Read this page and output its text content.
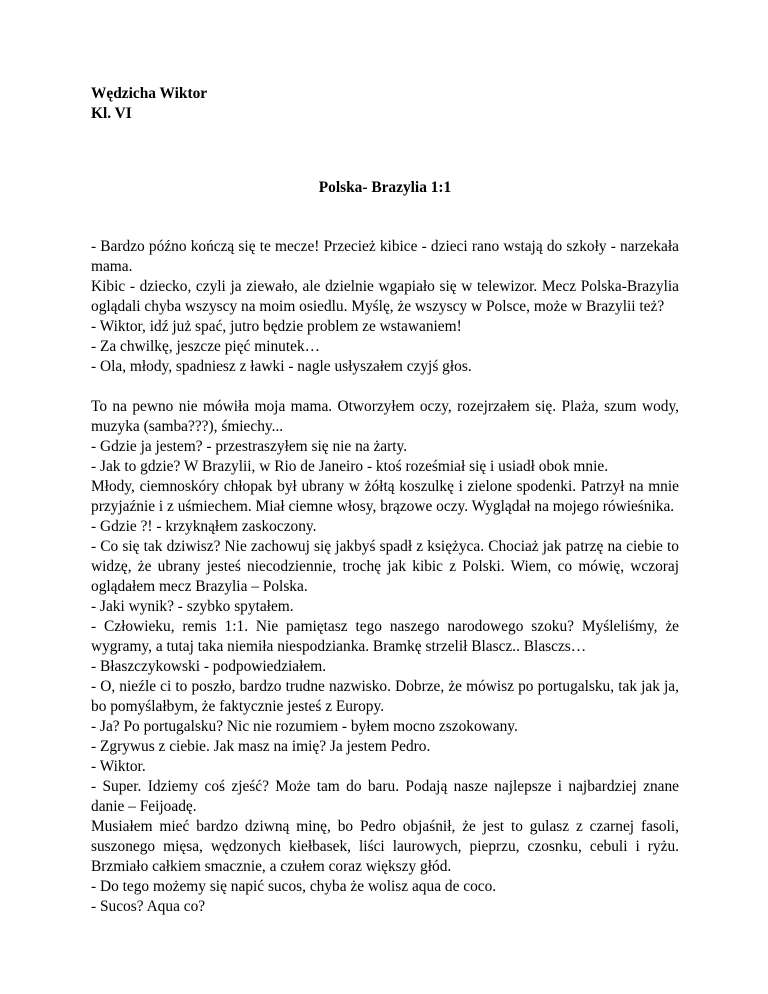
Wędzicha Wiktor

Kl. VI

Polska- Brazylia 1:1

- Bardzo późno kończą się te mecze! Przecież kibice - dzieci rano wstają do szkoły - narzekała mama.

Kibic - dziecko, czyli ja ziewało, ale dzielnie wgapiało się w telewizor. Mecz Polska-Brazylia oglądali chyba wszyscy na moim osiedlu. Myślę, że wszyscy w Polsce, może w Brazylii też?

- Wiktor, idź już spać, jutro będzie problem ze wstawaniem!

- Za chwilkę, jeszcze pięć minutek…

- Ola, młody, spadniesz z ławki - nagle usłyszałem czyjś głos.

To na pewno nie mówiła moja mama. Otworzyłem oczy, rozejrzałem się. Plaża, szum wody, muzyka (samba???), śmiechy...

- Gdzie ja jestem? - przestraszyłem się nie na żarty.

- Jak to gdzie? W Brazylii, w Rio de Janeiro - ktoś roześmiał się i usiadł obok mnie.

Młody, ciemnoskóry chłopak był ubrany w żółtą koszulkę i zielone spodenki. Patrzył na mnie przyjaźnie i z uśmiechem. Miał ciemne włosy, brązowe oczy. Wyglądał na mojego rówieśnika.

- Gdzie ?! - krzyknąłem zaskoczony.

- Co się tak dziwisz? Nie zachowuj się jakbyś spadł z księżyca. Chociaż jak patrzę na ciebie to widzę, że ubrany jesteś niecodziennie, trochę jak kibic z Polski. Wiem, co mówię, wczoraj oglądałem mecz Brazylia – Polska.

- Jaki wynik? - szybko spytałem.

- Człowieku, remis 1:1. Nie pamiętasz tego naszego narodowego szoku? Myśleliśmy, że wygramy, a tutaj taka niemiła niespodzianka. Bramkę strzelił Blascz.. Blasczs…

- Błaszczykowski - podpowiedziałem.

- O, nieźle ci to poszło, bardzo trudne nazwisko. Dobrze, że mówisz po portugalsku, tak jak ja, bo pomyślałbym, że faktycznie jesteś z Europy.

- Ja? Po portugalsku? Nic nie rozumiem - byłem mocno zszokowany.

- Zgrywus z ciebie. Jak masz na imię? Ja jestem Pedro.

- Wiktor.

- Super. Idziemy coś zjeść? Może tam do baru. Podają nasze najlepsze i najbardziej znane danie – Feijoadę.

Musiałem mieć bardzo dziwną minę, bo Pedro objaśnił, że jest to gulasz z czarnej fasoli, suszonego mięsa, wędzonych kiełbasek, liści laurowych, pieprzu, czosnku, cebuli i ryżu. Brzmiało całkiem smacznie, a czułem coraz większy głód.

- Do tego możemy się napić sucos, chyba że wolisz aqua de coco.

- Sucos? Aqua co?
